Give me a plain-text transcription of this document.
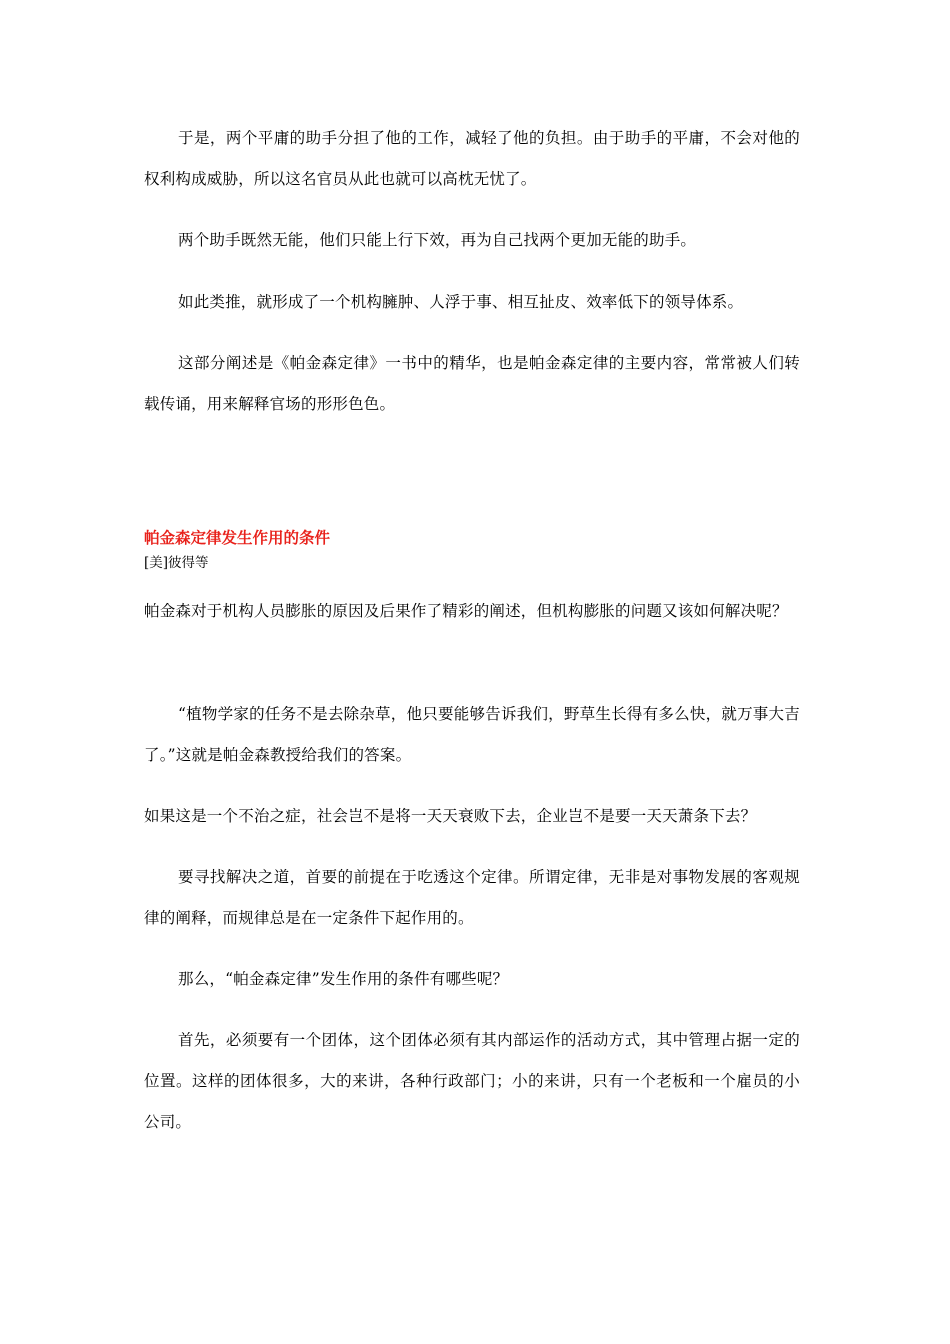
于是，两个平庸的助手分担了他的工作，减轻了他的负担。由于助手的平庸，不会对他的权利构成威胁，所以这名官员从此也就可以高枕无忧了。

两个助手既然无能，他们只能上行下效，再为自己找两个更加无能的助手。

如此类推，就形成了一个机构臃肿、人浮于事、相互扯皮、效率低下的领导体系。

这部分阐述是《帕金森定律》一书中的精华，也是帕金森定律的主要内容，常常被人们转载传诵，用来解释官场的形形色色。

帕金森定律发生作用的条件

[美]彼得等

帕金森对于机构人员膨胀的原因及后果作了精彩的阐述，但机构膨胀的问题又该如何解决呢？

“植物学家的任务不是去除杂草，他只要能够告诉我们，野草生长得有多么快，就万事大吉了。”这就是帕金森教授给我们的答案。

如果这是一个不治之症，社会岂不是将一天天衰败下去，企业岂不是要一天天萧条下去？

要寻找解决之道，首要的前提在于吃透这个定律。所谓定律，无非是对事物发展的客观规律的阐释，而规律总是在一定条件下起作用的。

那么，“帕金森定律”发生作用的条件有哪些呢？

首先，必须要有一个团体，这个团体必须有其内部运作的活动方式，其中管理占据一定的位置。这样的团体很多，大的来讲，各种行政部门；小的来讲，只有一个老板和一个雇员的小公司。
